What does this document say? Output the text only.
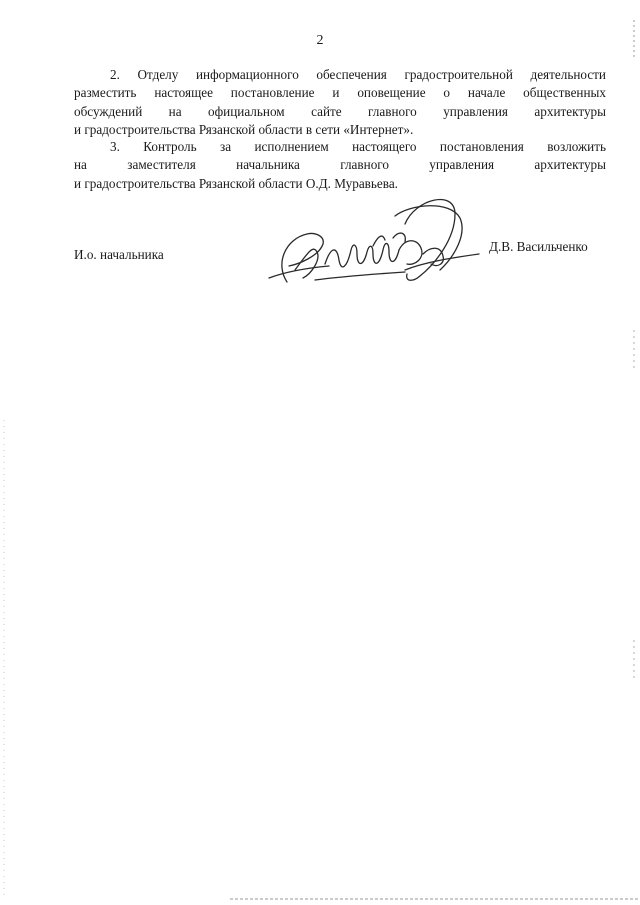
2
2. Отделу информационного обеспечения градостроительной деятельности
разместить настоящее постановление и оповещение о начале общественных
обсуждений на официальном сайте главного управления архитектуры
и градостроительства Рязанской области в сети «Интернет».
3. Контроль за исполнением настоящего постановления возложить
на заместителя начальника главного управления архитектуры
и градостроительства Рязанской области О.Д. Муравьева.
И.о. начальника
Д.В. Васильченко
